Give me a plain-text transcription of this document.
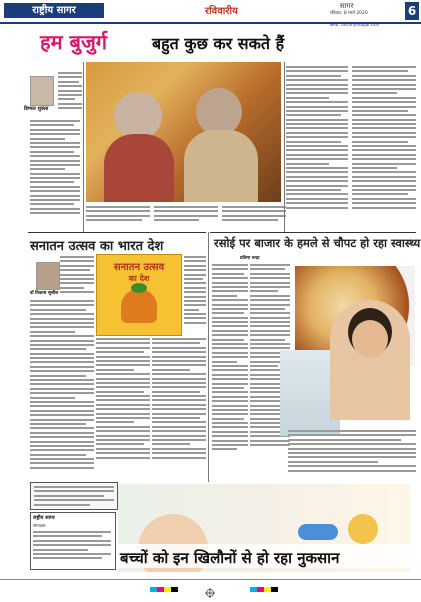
राष्ट्रीय सागर	रविवारीय	सागर
रविवार, 8 मार्च 2020	6
web: rashtriyasagar.com
हम बुजुर्ग	बहुत कुछ कर सकते हैं
डिम्पल शुक्ला
सनातन उत्सव का भारत देश
डॉ विकास सुशील
सनातन उत्सव
का देश
रसोई पर बाजार के हमले से चौपट हो रहा स्वास्थ्य
प्रतिमा चन्द्रा
राष्ट्रीय सागर
संपादक
बच्चों को इन खिलौनों से हो रहा नुकसान
